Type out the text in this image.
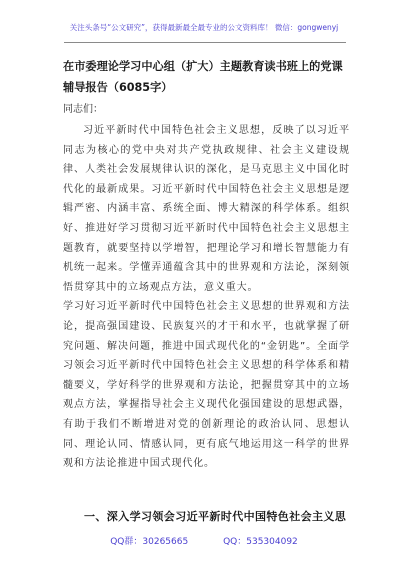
关注头条号“公文研究”，获得最新最全最专业的公文资料库！ 微信：gongwenyj
在市委理论学习中心组（扩大）主题教育读书班上的党课辅导报告（6085字）
同志们：

习近平新时代中国特色社会主义思想，反映了以习近平同志为核心的党中央对共产党执政规律、社会主义建设规律、人类社会发展规律认识的深化，是马克思主义中国化时代化的最新成果。习近平新时代中国特色社会主义思想是逻辑严密、内涵丰富、系统全面、博大精深的科学体系。组织好、推进好学习贯彻习近平新时代中国特色社会主义思想主题教育，就要坚持以学增智，把理论学习和增长智慧能力有机统一起来。学懂弄通蕴含其中的世界观和方法论，深刻领悟贯穿其中的立场观点方法，意义重大。

学习好习近平新时代中国特色社会主义思想的世界观和方法论，提高强国建设、民族复兴的才干和水平，也就掌握了研究问题、解决问题，推进中国式现代化的“金钥匙”。全面学习领会习近平新时代中国特色社会主义思想的科学体系和精髓要义，学好科学的世界观和方法论，把握贯穿其中的立场观点方法，掌握指导社会主义现代化强国建设的思想武器，有助于我们不断增进对党的创新理论的政治认同、思想认同、理论认同、情感认同，更有底气地运用这一科学的世界观和方法论推进中国式现代化。

一、深入学习领会习近平新时代中国特色社会主义思
QQ群：30265665	QQ：535304092
